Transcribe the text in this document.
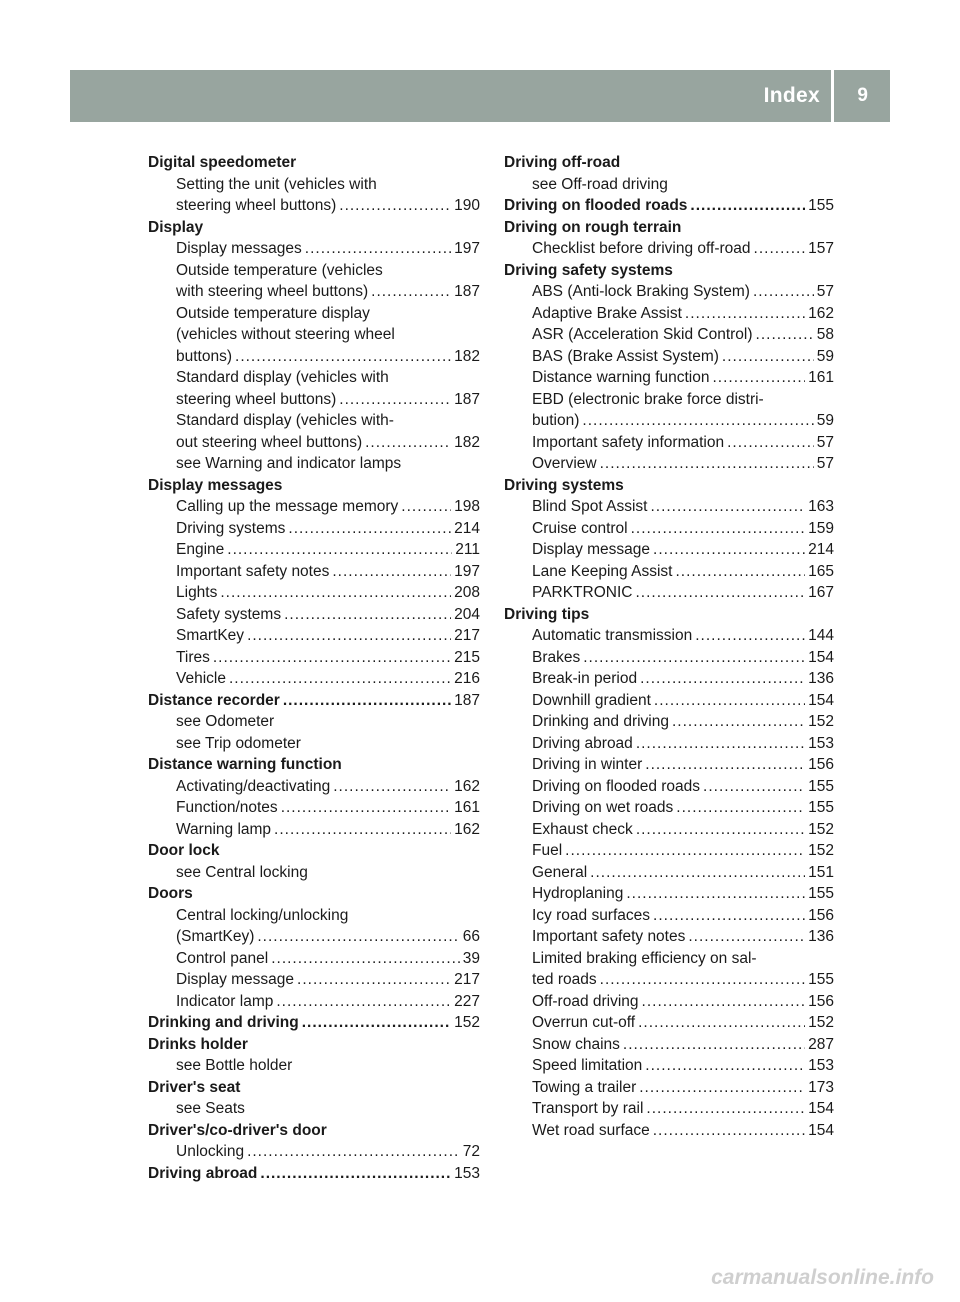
Index 9
Digital speedometer
Setting the unit (vehicles with
steering wheel buttons) .....	190
Display
Display messages .....	197
Outside temperature (vehicles
with steering wheel buttons) .....	187
Outside temperature display
(vehicles without steering wheel
buttons) .....	182
Standard display (vehicles with
steering wheel buttons) .....	187
Standard display (vehicles with-
out steering wheel buttons) .....	182
see Warning and indicator lamps
Display messages
Calling up the message memory .....	198
Driving systems .....	214
Engine .....	211
Important safety notes .....	197
Lights .....	208
Safety systems .....	204
SmartKey .....	217
Tires .....	215
Vehicle .....	216
Distance recorder .....	187
see Odometer
see Trip odometer
Distance warning function
Activating/deactivating .....	162
Function/notes .....	161
Warning lamp .....	162
Door lock
see Central locking
Doors
Central locking/unlocking
(SmartKey) .....	66
Control panel .....	39
Display message .....	217
Indicator lamp .....	227
Drinking and driving .....	152
Drinks holder
see Bottle holder
Driver's seat
see Seats
Driver's/co-driver's door
Unlocking .....	72
Driving abroad .....	153
Driving off-road
see Off-road driving
Driving on flooded roads .....	155
Driving on rough terrain
Checklist before driving off-road .....	157
Driving safety systems
ABS (Anti-lock Braking System) .....	57
Adaptive Brake Assist .....	162
ASR (Acceleration Skid Control) .....	58
BAS (Brake Assist System) .....	59
Distance warning function .....	161
EBD (electronic brake force distri-
bution) .....	59
Important safety information .....	57
Overview .....	57
Driving systems
Blind Spot Assist .....	163
Cruise control .....	159
Display message .....	214
Lane Keeping Assist .....	165
PARKTRONIC .....	167
Driving tips
Automatic transmission .....	144
Brakes .....	154
Break-in period .....	136
Downhill gradient .....	154
Drinking and driving .....	152
Driving abroad .....	153
Driving in winter .....	156
Driving on flooded roads .....	155
Driving on wet roads .....	155
Exhaust check .....	152
Fuel .....	152
General .....	151
Hydroplaning .....	155
Icy road surfaces .....	156
Important safety notes .....	136
Limited braking efficiency on sal-
ted roads .....	155
Off-road driving .....	156
Overrun cut-off .....	152
Snow chains .....	287
Speed limitation .....	153
Towing a trailer .....	173
Transport by rail .....	154
Wet road surface .....	154
carmanualsonline.info
